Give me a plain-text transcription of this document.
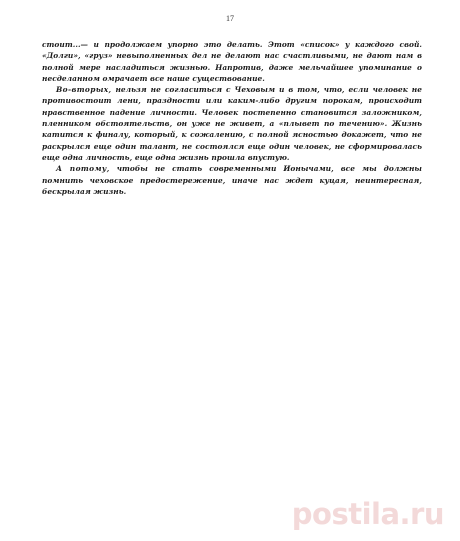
17

стоит...— и продолжаем упорно это делать. Этот «список» у каждого свой. «Долги», «груз» невыполненных дел не делают нас счастливыми, не дают нам в полной мере насладиться жизнью. Напротив, даже мельчайшее упоминание о несделанном омрачает все наше существование.

Во-вторых, нельзя не согласиться с Чеховым и в том, что, если человек не противостоит лени, праздности или каким-либо другим порокам, происходит нравственное падение личности. Человек постепенно становится заложником, пленником обстоятельств, он уже не живет, а «плывет по течению». Жизнь катится к финалу, который, к сожалению, с полной ясностью докажет, что не раскрылся еще один талант, не состоялся еще один человек, не сформировалась еще одна личность, еще одна жизнь прошла впустую.

А потому, чтобы не стать современными Ионычами, все мы должны помнить чеховское предостережение, иначе нас ждет куцая, неинтересная, бескрылая жизнь.

postila.ru
